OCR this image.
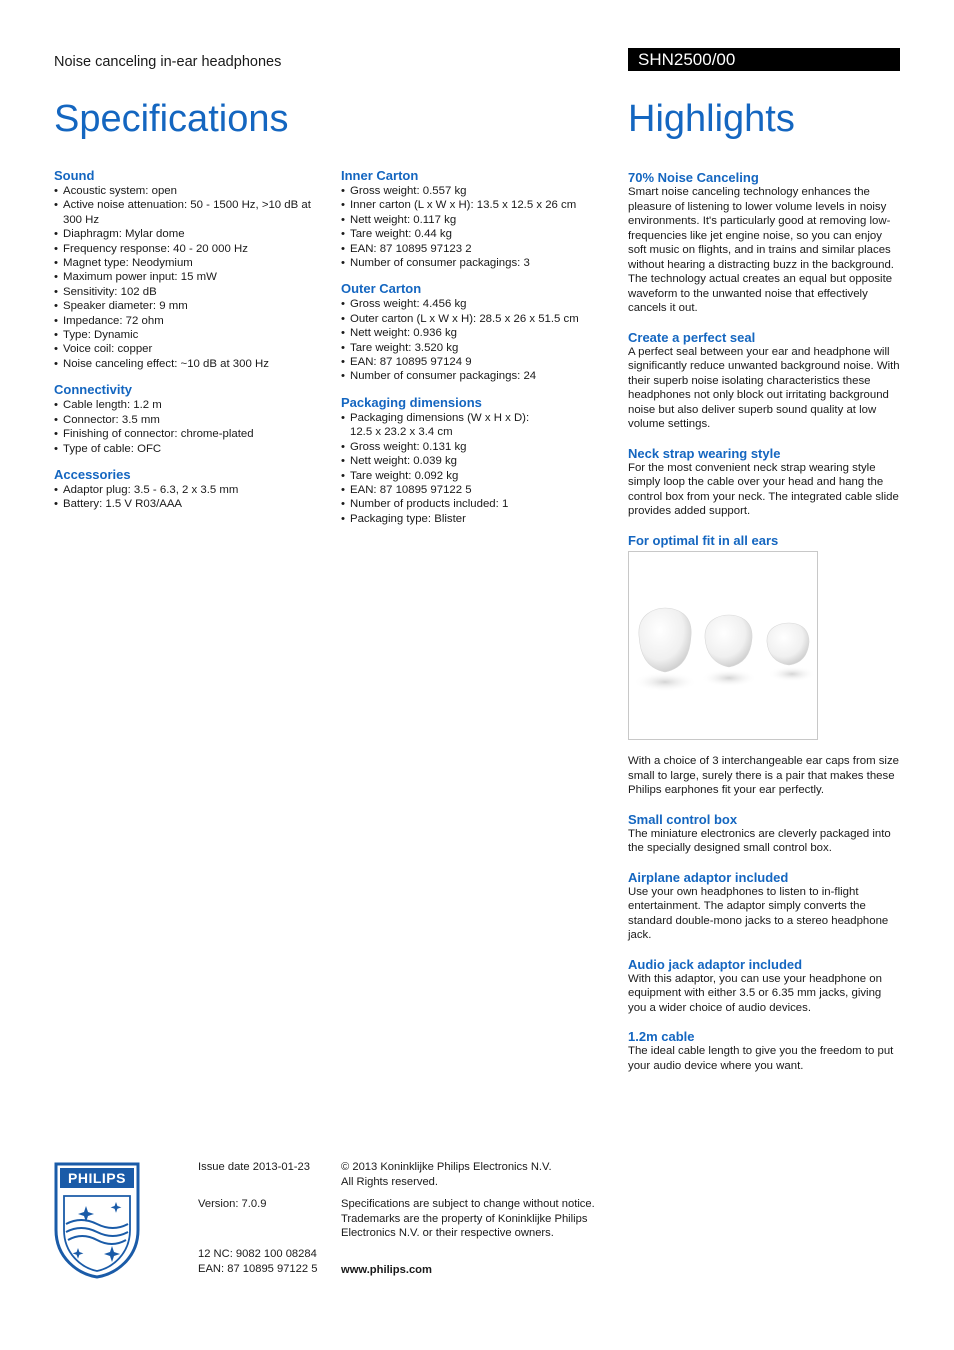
Noise canceling in-ear headphones	SHN2500/00
Specifications	Highlights
Sound
• Acoustic system: open
• Active noise attenuation: 50 - 1500 Hz, >10 dB at 300 Hz
• Diaphragm: Mylar dome
• Frequency response: 40 - 20 000 Hz
• Magnet type: Neodymium
• Maximum power input: 15 mW
• Sensitivity: 102 dB
• Speaker diameter: 9 mm
• Impedance: 72 ohm
• Type: Dynamic
• Voice coil: copper
• Noise canceling effect: ~10 dB at 300 Hz
Connectivity
• Cable length: 1.2 m
• Connector: 3.5 mm
• Finishing of connector: chrome-plated
• Type of cable: OFC
Accessories
• Adaptor plug: 3.5 - 6.3, 2 x 3.5 mm
• Battery: 1.5 V R03/AAA
Inner Carton
• Gross weight: 0.557 kg
• Inner carton (L x W x H): 13.5 x 12.5 x 26 cm
• Nett weight: 0.117 kg
• Tare weight: 0.44 kg
• EAN: 87 10895 97123 2
• Number of consumer packagings: 3
Outer Carton
• Gross weight: 4.456 kg
• Outer carton (L x W x H): 28.5 x 26 x 51.5 cm
• Nett weight: 0.936 kg
• Tare weight: 3.520 kg
• EAN: 87 10895 97124 9
• Number of consumer packagings: 24
Packaging dimensions
• Packaging dimensions (W x H x D): 12.5 x 23.2 x 3.4 cm
• Gross weight: 0.131 kg
• Nett weight: 0.039 kg
• Tare weight: 0.092 kg
• EAN: 87 10895 97122 5
• Number of products included: 1
• Packaging type: Blister
70% Noise Canceling

Smart noise canceling technology enhances the pleasure of listening to lower volume levels in noisy environments. It's particularly good at removing low-frequencies like jet engine noise, so you can enjoy soft music on flights, and in trains and similar places without hearing a distracting buzz in the background. The technology actual creates an equal but opposite waveform to the unwanted noise that effectively cancels it out.

Create a perfect seal

A perfect seal between your ear and headphone will significantly reduce unwanted background noise. With their superb noise isolating characteristics these headphones not only block out irritating background noise but also deliver superb sound quality at low volume settings.

Neck strap wearing style

For the most convenient neck strap wearing style simply loop the cable over your head and hang the control box from your neck. The integrated cable slide provides added support.

For optimal fit in all ears

With a choice of 3 interchangeable ear caps from size small to large, surely there is a pair that makes these Philips earphones fit your ear perfectly.

Small control box

The miniature electronics are cleverly packaged into the specially designed small control box.

Airplane adaptor included

Use your own headphones to listen to in-flight entertainment. The adaptor simply converts the standard double-mono jacks to a stereo headphone jack.

Audio jack adaptor included

With this adaptor, you can use your headphone on equipment with either 3.5 or 6.35 mm jacks, giving you a wider choice of audio devices.

1.2m cable

The ideal cable length to give you the freedom to put your audio device where you want.

PHILIPS
Issue date 2013-01-23
Version: 7.0.9
12 NC: 9082 100 08284
EAN: 87 10895 97122 5
© 2013 Koninklijke Philips Electronics N.V.
All Rights reserved.
Specifications are subject to change without notice. Trademarks are the property of Koninklijke Philips Electronics N.V. or their respective owners.
www.philips.com
